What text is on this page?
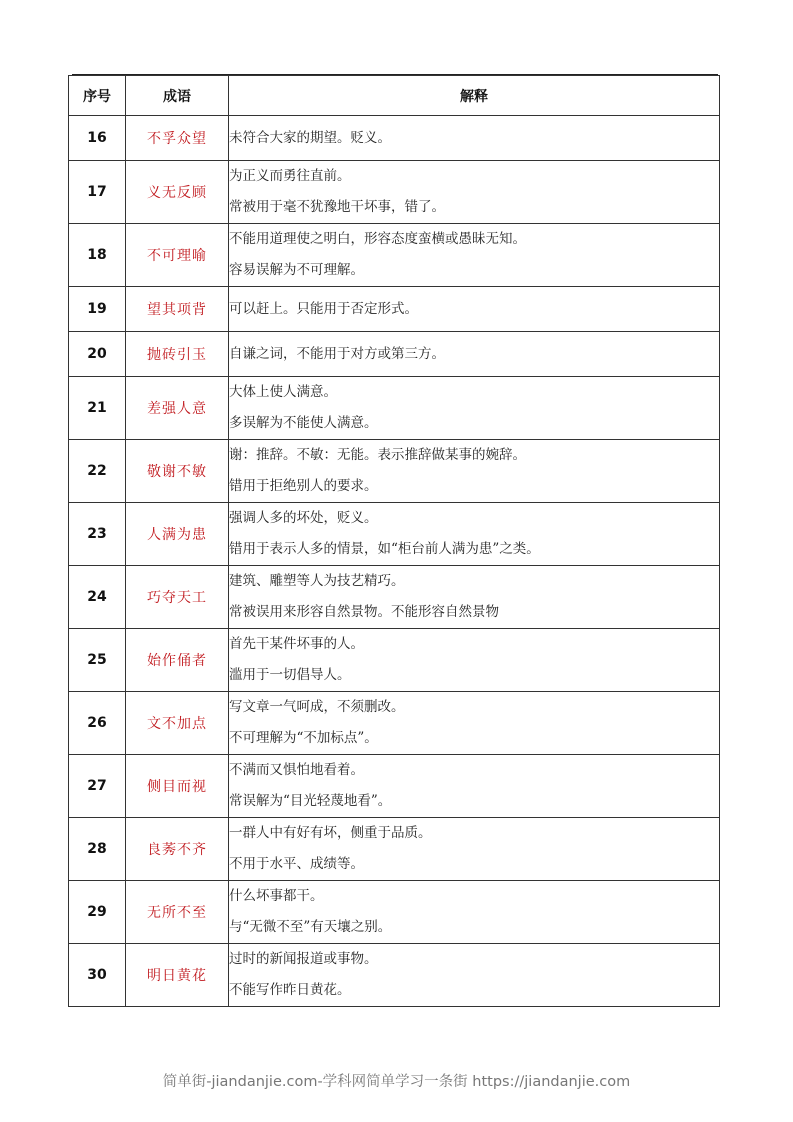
序号	成语	解释
16	不孚众望	未符合大家的期望。贬义。

17	义无反顾	为正义而勇往直前。
常被用于毫不犹豫地干坏事，错了。

18	不可理喻	不能用道理使之明白，形容态度蛮横或愚昧无知。
容易误解为不可理解。

19	望其项背	可以赶上。只能用于否定形式。

20	抛砖引玉	自谦之词，不能用于对方或第三方。

21	差强人意	大体上使人满意。
多误解为不能使人满意。

22	敬谢不敏	谢：推辞。不敏：无能。表示推辞做某事的婉辞。
错用于拒绝别人的要求。

23	人满为患	强调人多的坏处，贬义。
错用于表示人多的情景，如“柜台前人满为患”之类。

24	巧夺天工	建筑、雕塑等人为技艺精巧。
常被误用来形容自然景物。不能形容自然景物

25	始作俑者	首先干某件坏事的人。
滥用于一切倡导人。

26	文不加点	写文章一气呵成，不须删改。
不可理解为“不加标点”。

27	侧目而视	不满而又惧怕地看着。
常误解为“目光轻蔑地看”。

28	良莠不齐	一群人中有好有坏，侧重于品质。
不用于水平、成绩等。

29	无所不至	什么坏事都干。
与“无微不至”有天壤之别。

30	明日黄花	过时的新闻报道或事物。
不能写作昨日黄花。
简单街-jiandanjie.com-学科网简单学习一条街 https://jiandanjie.com
